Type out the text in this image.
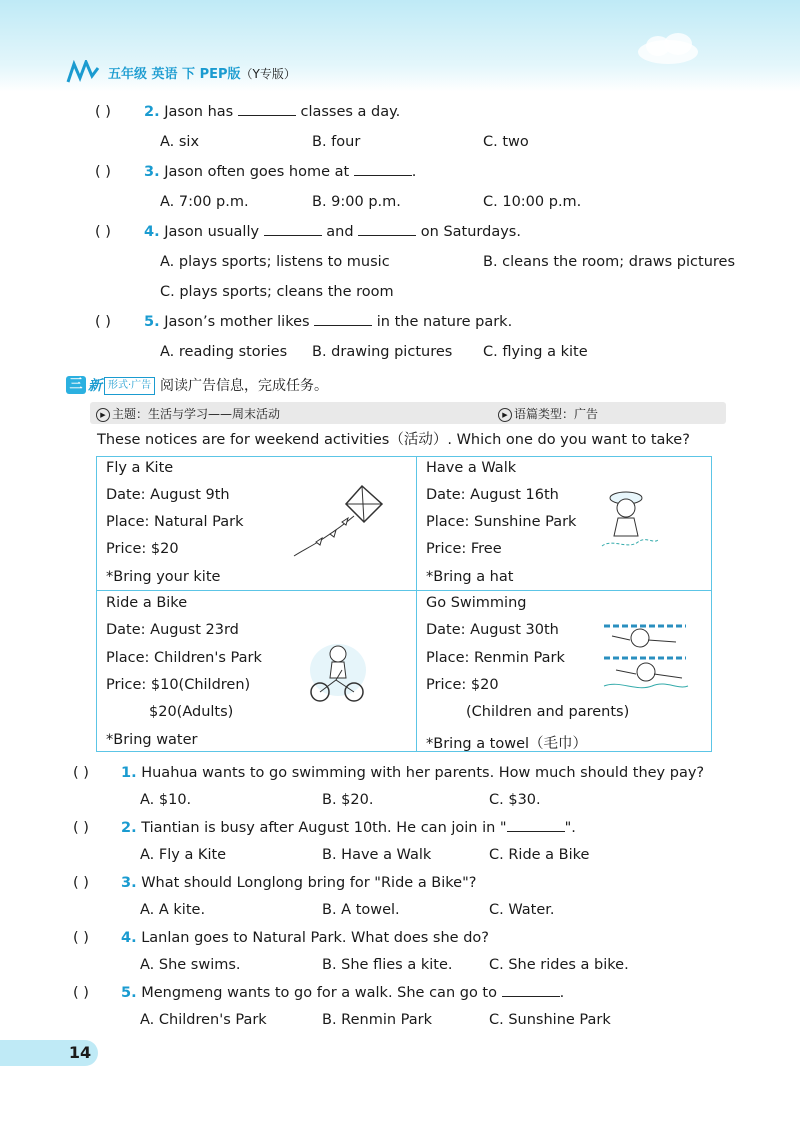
五年级 英语 下 PEP版（Y专版）
( ) 2. Jason has	classes a day.
A. six	B. four	C. two
( ) 3. Jason often goes home at	.
A. 7:00 p.m.	B. 9:00 p.m.	C. 10:00 p.m.
( ) 4. Jason usually	and	on Saturdays.
A. plays sports; listens to music	B. cleans the room; draws pictures
C. plays sports; cleans the room
( ) 5. Jason’s mother likes	in the nature park.
A. reading stories B. drawing pictures C. flying a kite
三 新 形式·广告 阅读广告信息，完成任务。
▶ 主题：生活与学习——周末活动	▶ 语篇类型：广告
These notices are for weekend activities（活动）. Which one do you want to take?
Fly a Kite
Date: August 9th
Place: Natural Park
Price: $20
*Bring your kite
Have a Walk
Date: August 16th
Place: Sunshine Park
Price: Free
*Bring a hat
Ride a Bike
Date: August 23rd
Place: Children's Park
Price: $10(Children)
$20(Adults)
*Bring water
Go Swimming
Date: August 30th
Place: Renmin Park
Price: $20
(Children and parents)
*Bring a towel（毛巾）
( ) 1. Huahua wants to go swimming with her parents. How much should they pay?
A. $10.	B. $20.	C. $30.
( ) 2. Tiantian is busy after August 10th. He can join in "	".
A. Fly a Kite	B. Have a Walk	C. Ride a Bike
( ) 3. What should Longlong bring for "Ride a Bike"?
A. A kite.	B. A towel.	C. Water.
( ) 4. Lanlan goes to Natural Park. What does she do?
A. She swims.	B. She flies a kite.	C. She rides a bike.
( ) 5. Mengmeng wants to go for a walk. She can go to	.
A. Children's Park	B. Renmin Park	C. Sunshine Park
14
